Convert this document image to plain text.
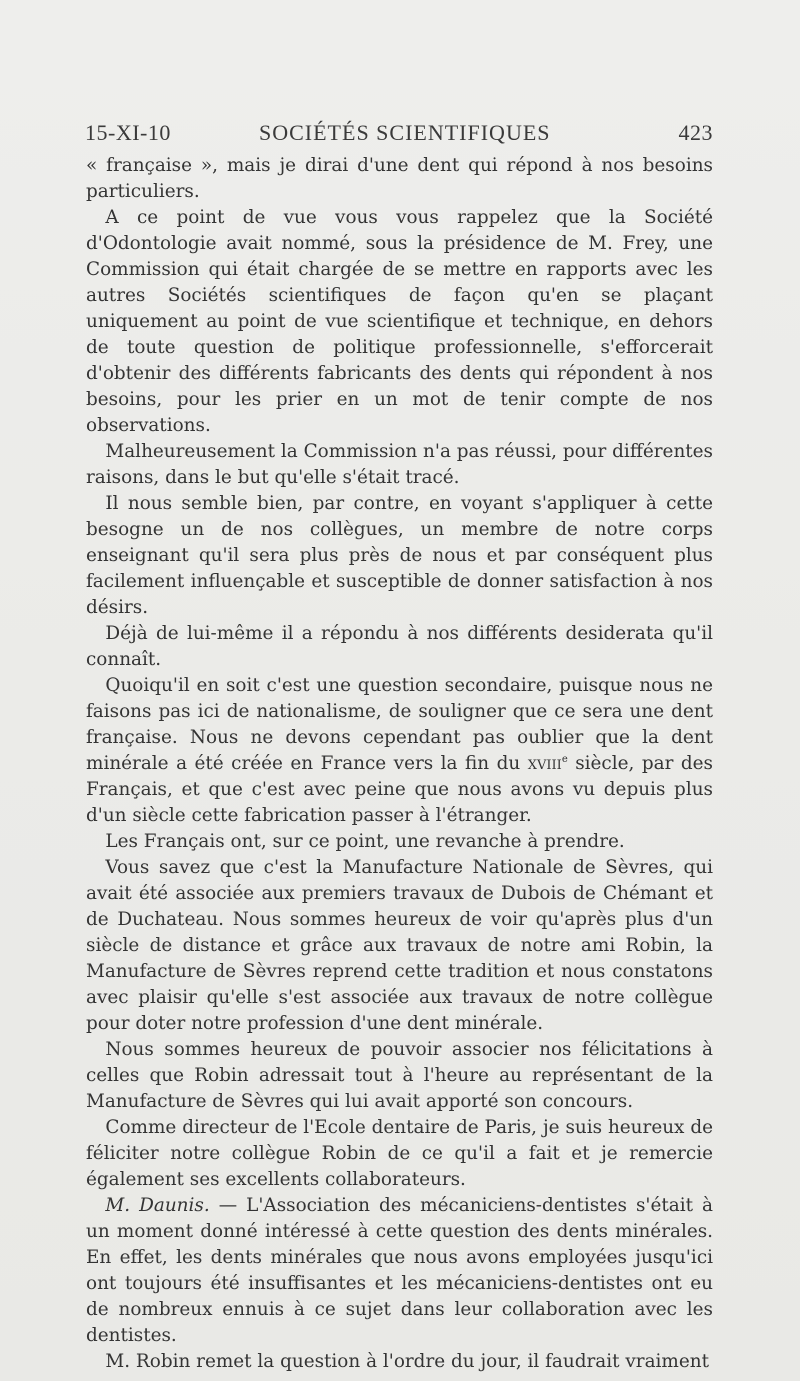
15-XI-10	SOCIÉTÉS SCIENTIFIQUES	423

« française », mais je dirai d'une dent qui répond à nos besoins particuliers.

 A ce point de vue vous vous rappelez que la Société d'Odontologie avait nommé, sous la présidence de M. Frey, une Commission qui était chargée de se mettre en rapports avec les autres Sociétés scientifiques de façon qu'en se plaçant uniquement au point de vue scientifique et technique, en dehors de toute question de politique professionnelle, s'efforcerait d'obtenir des différents fabricants des dents qui répondent à nos besoins, pour les prier en un mot de tenir compte de nos observations.

 Malheureusement la Commission n'a pas réussi, pour différentes raisons, dans le but qu'elle s'était tracé.

 Il nous semble bien, par contre, en voyant s'appliquer à cette besogne un de nos collègues, un membre de notre corps enseignant qu'il sera plus près de nous et par conséquent plus facilement influençable et susceptible de donner satisfaction à nos désirs.

 Déjà de lui-même il a répondu à nos différents desiderata qu'il connaît.

 Quoiqu'il en soit c'est une question secondaire, puisque nous ne faisons pas ici de nationalisme, de souligner que ce sera une dent française. Nous ne devons cependant pas oublier que la dent minérale a été créée en France vers la fin du xviii$^e$ siècle, par des Français, et que c'est avec peine que nous avons vu depuis plus d'un siècle cette fabrication passer à l'étranger.

 Les Français ont, sur ce point, une revanche à prendre.

 Vous savez que c'est la Manufacture Nationale de Sèvres, qui avait été associée aux premiers travaux de Dubois de Chémant et de Duchateau. Nous sommes heureux de voir qu'après plus d'un siècle de distance et grâce aux travaux de notre ami Robin, la Manufacture de Sèvres reprend cette tradition et nous constatons avec plaisir qu'elle s'est associée aux travaux de notre collègue pour doter notre profession d'une dent minérale.

 Nous sommes heureux de pouvoir associer nos félicitations à celles que Robin adressait tout à l'heure au représentant de la Manufacture de Sèvres qui lui avait apporté son concours.

 Comme directeur de l'Ecole dentaire de Paris, je suis heureux de féliciter notre collègue Robin de ce qu'il a fait et je remercie également ses excellents collaborateurs.

 M. Daunis. — L'Association des mécaniciens-dentistes s'était à un moment donné intéressé à cette question des dents minérales. En effet, les dents minérales que nous avons employées jusqu'ici ont toujours été insuffisantes et les mécaniciens-dentistes ont eu de nombreux ennuis à ce sujet dans leur collaboration avec les dentistes.

 M. Robin remet la question à l'ordre du jour, il faudrait vraiment
